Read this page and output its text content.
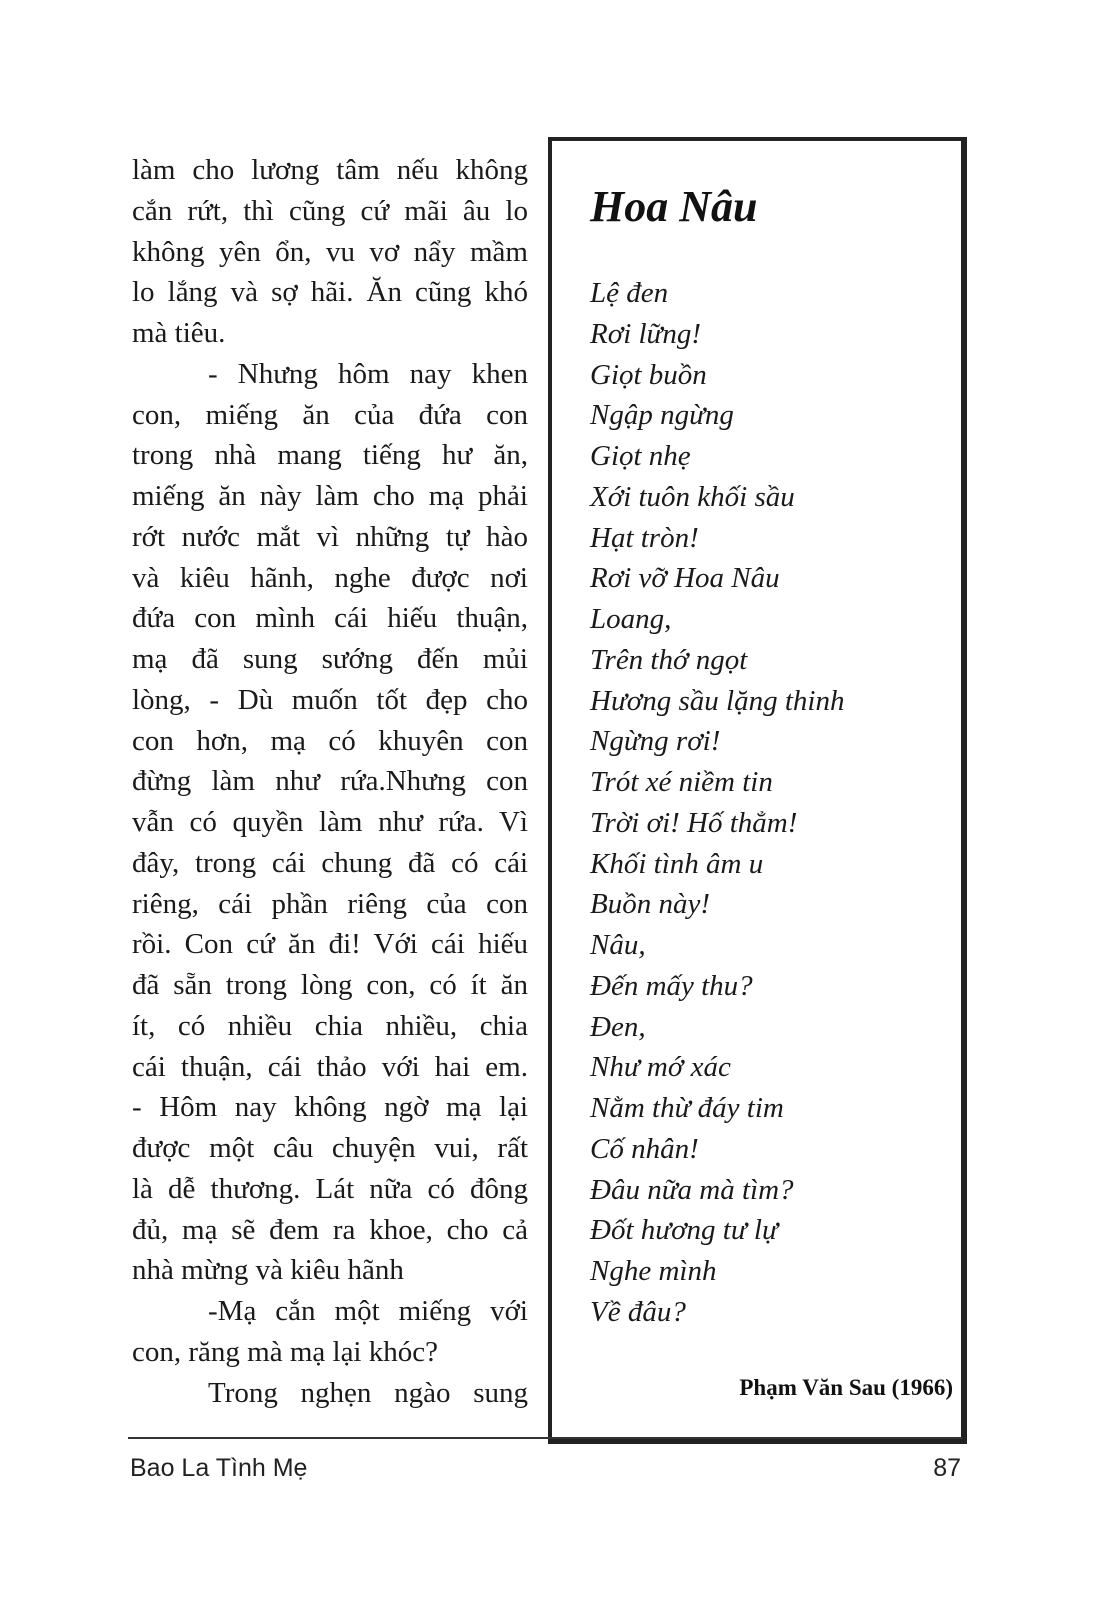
làm cho lương tâm nếu không
cắn rứt, thì cũng cứ mãi âu lo
không yên ổn, vu vơ nẩy mầm
lo lắng và sợ hãi. Ăn cũng khó
mà tiêu.
- Nhưng hôm nay khen
con, miếng ăn của đứa con
trong nhà mang tiếng hư ăn,
miếng ăn này làm cho mạ phải
rớt nước mắt vì những tự hào
và kiêu hãnh, nghe được nơi
đứa con mình cái hiếu thuận,
mạ đã sung sướng đến mủi
lòng, - Dù muốn tốt đẹp cho
con hơn, mạ có khuyên con
đừng làm như rứa.Nhưng con
vẫn có quyền làm như rứa. Vì
đây, trong cái chung đã có cái
riêng, cái phần riêng của con
rồi. Con cứ ăn đi! Với cái hiếu
đã sẵn trong lòng con, có ít ăn
ít, có nhiều chia nhiều, chia
cái thuận, cái thảo với hai em.
- Hôm nay không ngờ mạ lại
được một câu chuyện vui, rất
là dễ thương. Lát nữa có đông
đủ, mạ sẽ đem ra khoe, cho cả
nhà mừng và kiêu hãnh
-Mạ cắn một miếng với
con, răng mà mạ lại khóc?
Trong nghẹn ngào sung
Hoa Nâu
Lệ đen
Rơi lững!
Giọt buồn
Ngập ngừng
Giọt nhẹ
Xới tuôn khối sầu
Hạt tròn!
Rơi vỡ Hoa Nâu
Loang,
Trên thớ ngọt
Hương sầu lặng thinh
Ngừng rơi!
Trót xé niềm tin
Trời ơi! Hố thẳm!
Khối tình âm u
Buồn này!
Nâu,
Đến mấy thu?
Đen,
Như mớ xác
Nằm thừ đáy tim
Cố nhân!
Đâu nữa mà tìm?
Đốt hương tư lự
Nghe mình
Về đâu?
Phạm Văn Sau (1966)
Bao La Tình Mẹ	87
